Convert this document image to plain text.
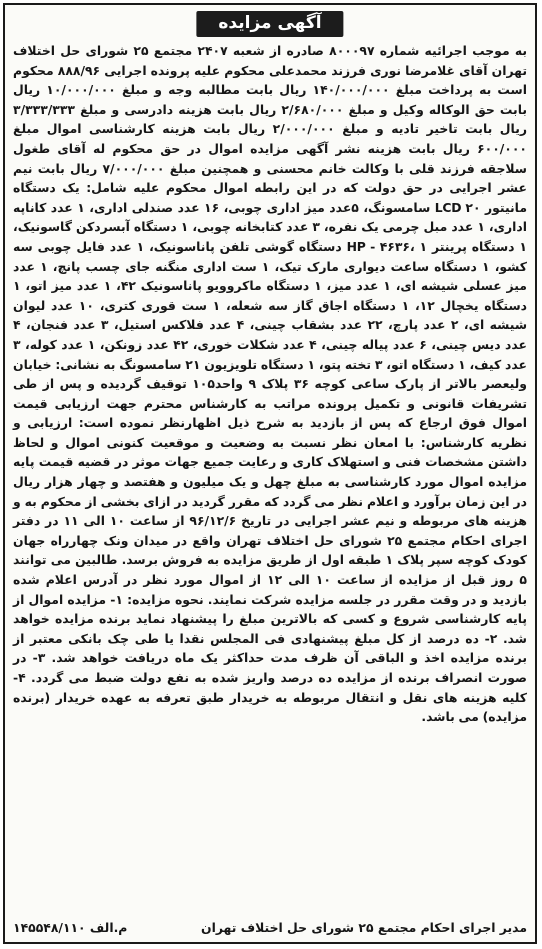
آگهی مزایده
به موجب اجرائیه شماره ۸۰۰۰۹۷ صادره از شعبه ۲۴۰۷ مجتمع ۲۵ شورای حل اختلاف تهران آقای غلامرضا نوری فرزند محمدعلی محکوم علیه پرونده اجرایی ۸۸۸/۹۶ محکوم است به پرداخت مبلغ ۱۴۰/۰۰۰/۰۰۰ ریال بابت مطالبه وجه و مبلغ ۱۰/۰۰۰/۰۰۰ ریال بابت حق الوکاله وکیل و مبلغ ۲/۶۸۰/۰۰۰ ریال بابت هزینه دادرسی و مبلغ ۳/۳۳۳/۳۳۳ ریال بابت تاخیر تادیه و مبلغ ۲/۰۰۰/۰۰۰ ریال بابت هزینه کارشناسی اموال مبلغ ۶۰۰/۰۰۰ ریال بابت هزینه نشر آگهی مزایده اموال در حق محکوم له آقای طغول سلاجقه فرزند قلی با وکالت خانم محسنی و همچنین مبلغ ۷/۰۰۰/۰۰۰ ریال بابت نیم عشر اجرایی در حق دولت که در این رابطه اموال محکوم علیه شامل: یک دستگاه مانیتور LCD ۲۰ سامسونگ، ۵عدد میز اداری چوبی، ۱۶ عدد صندلی اداری، ۱ عدد کاناپه اداری، ۱ عدد مبل چرمی یک نفره، ۳ عدد کتابخانه چوبی، ۱ دستگاه آبسردکن گاسونیک، ۱ دستگاه پرینتر HP - ۴۶۳۶، ۱ دستگاه گوشی تلفن پاناسونیک، ۱ عدد فایل چوبی سه کشو، ۱ دستگاه ساعت دیواری مارک تیک، ۱ ست اداری منگنه جای چسب پانچ، ۱ عدد میز عسلی شیشه ای، ۱ عدد میز، ۱ دستگاه ماکروویو پاناسونیک ۴۲، ۱ عدد میز اتو، ۱ دستگاه یخچال ۱۲، ۱ دستگاه اجاق گاز سه شعله، ۱ ست قوری کتری، ۱۰ عدد لیوان شیشه ای، ۲ عدد پارچ، ۲۲ عدد بشقاب چینی، ۴ عدد فلاکس استیل، ۳ عدد فنجان، ۴ عدد دیس چینی، ۶ عدد پیاله چینی، ۴ عدد شکلات خوری، ۴۲ عدد زونکن، ۱ عدد کوله، ۳ عدد کیف، ۱ دستگاه اتو، ۳ تخته پتو، ۱ دستگاه تلویزیون ۲۱ سامسونگ به نشانی: خیابان ولیعصر بالاتر از پارک ساعی کوچه ۳۶ پلاک ۹ واحد۱۰۵ توقیف گردیده و پس از طی تشریفات قانونی و تکمیل پرونده مراتب به کارشناس محترم جهت ارزیابی قیمت اموال فوق ارجاع که پس از بازدید به شرح ذیل اظهارنظر نموده است: ارزیابی و نظریه کارشناس: با امعان نظر نسبت به وضعیت و موقعیت کنونی اموال و لحاظ داشتن مشخصات فنی و استهلاک کاری و رعایت جمیع جهات موثر در قضیه قیمت پایه مزایده اموال مورد کارشناسی به مبلغ چهل و یک میلیون و هفتصد و چهار هزار ریال در این زمان برآورد و اعلام نظر می گردد که مقرر گردید در ازای بخشی از محکوم به و هزینه های مربوطه و نیم عشر اجرایی در تاریخ ۹۶/۱۲/۶ از ساعت ۱۰ الی ۱۱ در دفتر اجرای احکام مجتمع ۲۵ شورای حل اختلاف تهران واقع در میدان ونک چهارراه جهان کودک کوچه سپر پلاک ۱ طبقه اول از طریق مزایده به فروش برسد. طالبین می توانند ۵ روز قبل از مزایده از ساعت ۱۰ الی ۱۲ از اموال مورد نظر در آدرس اعلام شده بازدید و در وقت مقرر در جلسه مزایده شرکت نمایند. نحوه مزایده: ۱- مزایده اموال از پایه کارشناسی شروع و کسی که بالاترین مبلغ را پیشنهاد نماید برنده مزایده خواهد شد. ۲- ده درصد از کل مبلغ پیشنهادی فی المجلس نقدا یا طی چک بانکی معتبر از برنده مزایده اخذ و الباقی آن ظرف مدت حداکثر یک ماه دریافت خواهد شد. ۳- در صورت انصراف برنده از مزایده ده درصد واریز شده به نفع دولت ضبط می گردد. ۴- کلیه هزینه های نقل و انتقال مربوطه به خریدار طبق تعرفه به عهده خریدار (برنده مزایده) می باشد.
مدیر اجرای احکام مجتمع ۲۵ شورای حل اختلاف تهران
م.الف ۱۴۵۵۴۸/۱۱۰
